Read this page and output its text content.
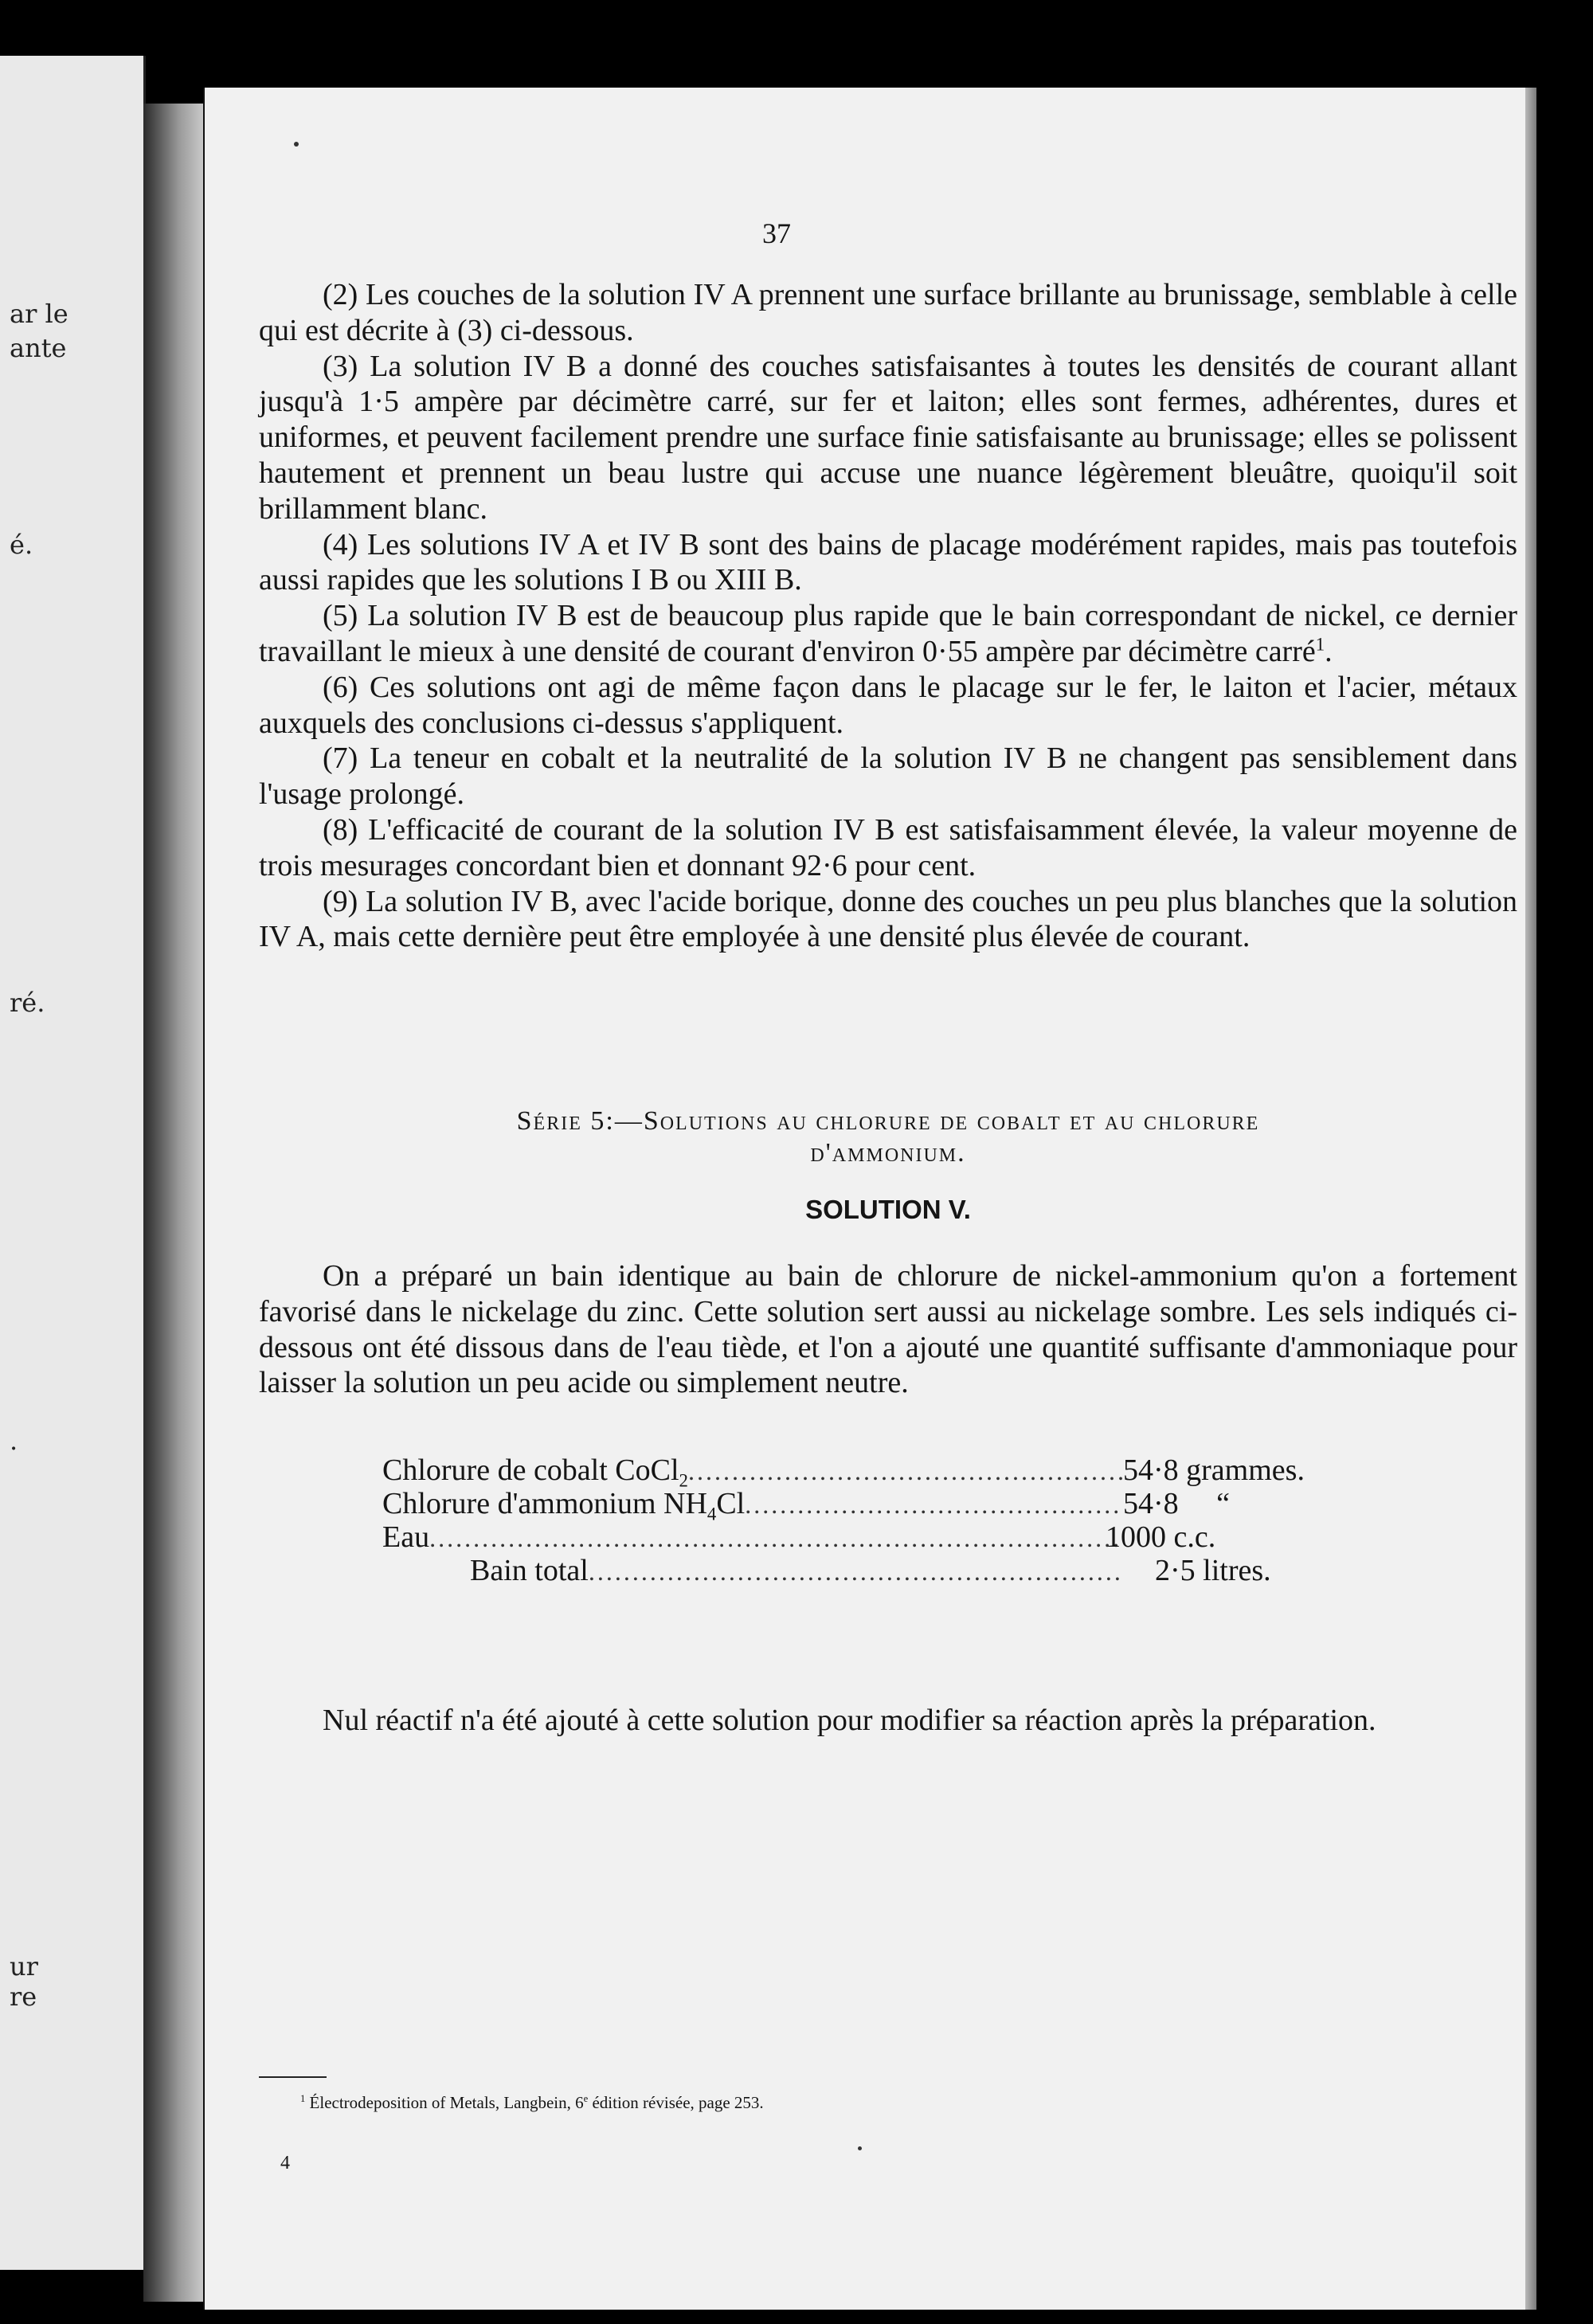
ar le
ante
é.
ré.
.
ur
re
37

(2) Les couches de la solution IV A prennent une surface brillante au brunissage, semblable à celle qui est décrite à (3) ci-dessous.

(3) La solution IV B a donné des couches satisfaisantes à toutes les densités de courant allant jusqu'à 1·5 ampère par décimètre carré, sur fer et laiton; elles sont fermes, adhérentes, dures et uniformes, et peuvent facilement prendre une surface finie satisfaisante au brunissage; elles se polissent hautement et prennent un beau lustre qui accuse une nuance légèrement bleuâtre, quoiqu'il soit brillamment blanc.

(4) Les solutions IV A et IV B sont des bains de placage modérément rapides, mais pas toutefois aussi rapides que les solutions I B ou XIII B.

(5) La solution IV B est de beaucoup plus rapide que le bain correspondant de nickel, ce dernier travaillant le mieux à une densité de courant d'environ 0·55 ampère par décimètre carré$^1$.

(6) Ces solutions ont agi de même façon dans le placage sur le fer, le laiton et l'acier, métaux auxquels des conclusions ci-dessus s'appliquent.

(7) La teneur en cobalt et la neutralité de la solution IV B ne changent pas sensiblement dans l'usage prolongé.

(8) L'efficacité de courant de la solution IV B est satisfaisamment élevée, la valeur moyenne de trois mesurages concordant bien et donnant 92·6 pour cent.

(9) La solution IV B, avec l'acide borique, donne des couches un peu plus blanches que la solution IV A, mais cette dernière peut être employée à une densité plus élevée de courant.

Série 5:—Solutions au chlorure de cobalt et au chlorure
d'ammonium.
SOLUTION V.

On a préparé un bain identique au bain de chlorure de nickel-ammonium qu'on a fortement favorisé dans le nickelage du zinc. Cette solution sert aussi au nickelage sombre. Les sels indiqués ci-dessous ont été dissous dans de l'eau tiède, et l'on a ajouté une quantité suffisante d'ammoniaque pour laisser la solution un peu acide ou simplement neutre.

Chlorure de cobalt CoCl$_2$ .....	54·8 grammes.
Chlorure d'ammonium $NH_4Cl$ .....	54·8     “
Eau .....	1000 c.c.
Bain total .....	2·5 litres.

Nul réactif n'a été ajouté à cette solution pour modifier sa réaction après la préparation.

$^1$ Électrodeposition of Metals, Langbein, 6e édition révisée, page 253.
4
